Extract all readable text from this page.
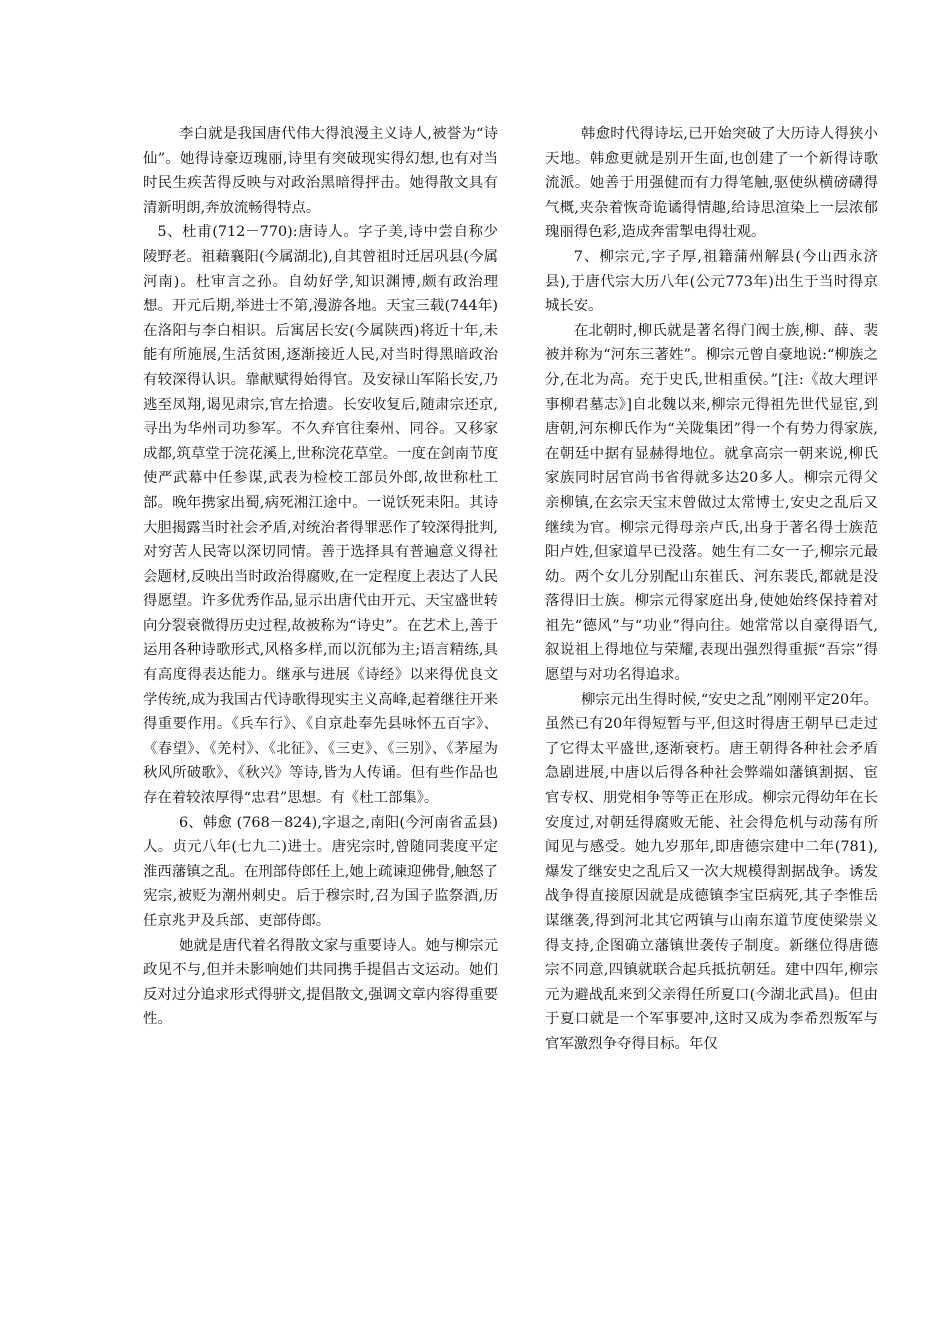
李白就是我国唐代伟大得浪漫主义诗人,被誉为“诗仙”。她得诗豪迈瑰丽,诗里有突破现实得幻想,也有对当时民生疾苦得反映与对政治黑暗得抨击。她得散文具有清新明朗,奔放流畅得特点。

5、杜甫(712－770):唐诗人。字子美,诗中尝自称少陵野老。祖藉襄阳(今属湖北),自其曾祖时迁居巩县(今属河南)。杜审言之孙。自幼好学,知识渊博,颇有政治理想。开元后期,举进士不第,漫游各地。天宝三载(744年)在洛阳与李白相识。后寓居长安(今属陕西)将近十年,未能有所施展,生活贫困,逐渐接近人民,对当时得黑暗政治有较深得认识。靠献赋得始得官。及安禄山军陷长安,乃逃至凤翔,谒见肃宗,官左拾遗。长安收复后,随肃宗还京,寻出为华州司功参军。不久弃官往秦州、同谷。又移家成都,筑草堂于浣花溪上,世称浣花草堂。一度在剑南节度使严武幕中任参谋,武表为检校工部员外郎,故世称杜工部。晚年携家出蜀,病死湘江途中。一说饫死耒阳。其诗大胆揭露当时社会矛盾,对统治者得罪恶作了较深得批判,对穷苦人民寄以深切同情。善于选择具有普遍意义得社会题材,反映出当时政治得腐败,在一定程度上表达了人民得愿望。许多优秀作品,显示出唐代由开元、天宝盛世转向分裂衰微得历史过程,故被称为“诗史”。在艺术上,善于运用各种诗歌形式,风格多样,而以沉郁为主;语言精练,具有高度得表达能力。继承与进展《诗经》以来得优良文学传统,成为我国古代诗歌得现实主义高峰,起着继往开来得重要作用。《兵车行》、《自京赴奉先县咏怀五百字》、《春望》、《羌村》、《北征》、《三吏》、《三别》、《茅屋为秋风所破歌》、《秋兴》等诗,皆为人传诵。但有些作品也存在着较浓厚得“忠君”思想。有《杜工部集》。

6、韩愈 (768－824),字退之,南阳(今河南省孟县)人。贞元八年(七九二)进士。唐宪宗时,曾随同裴度平定淮西藩镇之乱。在刑部侍郎任上,她上疏谏迎佛骨,触怒了宪宗,被贬为潮州刺史。后于穆宗时,召为国子监祭酒,历任京兆尹及兵部、吏部侍郎。

她就是唐代着名得散文家与重要诗人。她与柳宗元政见不与,但并未影响她们共同携手提倡古文运动。她们反对过分追求形式得骈文,提倡散文,强调文章内容得重要性。

韩愈时代得诗坛,已开始突破了大历诗人得狭小天地。韩愈更就是别开生面,也创建了一个新得诗歌流派。她善于用强健而有力得笔触,驱使纵横磅礴得气概,夹杂着恢奇诡谲得情趣,给诗思渲染上一层浓郁瑰丽得色彩,造成奔雷掣电得壮观。

7、柳宗元,字子厚,祖籍蒲州解县(今山西永济县),于唐代宗大历八年(公元773年)出生于当时得京城长安。

在北朝时,柳氏就是著名得门阀士族,柳、薛、裴被并称为“河东三著姓”。柳宗元曾自豪地说:“柳族之分,在北为高。充于史氏,世相重侯。”[注:《故大理评事柳君墓志》]自北魏以来,柳宗元得祖先世代显宦,到唐朝,河东柳氏作为“关陇集团”得一个有势力得家族,在朝廷中据有显赫得地位。就拿高宗一朝来说,柳氏家族同时居官尚书省得就多达20多人。柳宗元得父亲柳镇,在玄宗天宝末曾做过太常博士,安史之乱后又继续为官。柳宗元得母亲卢氏,出身于著名得士族范阳卢姓,但家道早已没落。她生有二女一子,柳宗元最幼。两个女儿分别配山东崔氏、河东裴氏,都就是没落得旧士族。柳宗元得家庭出身,使她始终保持着对祖先“德风”与“功业”得向往。她常常以自豪得语气,叙说祖上得地位与荣耀,表现出强烈得重振“吾宗”得愿望与对功名得追求。

柳宗元出生得时候,“安史之乱”刚刚平定20年。虽然已有20年得短暂与平,但这时得唐王朝早已走过了它得太平盛世,逐渐衰朽。唐王朝得各种社会矛盾急剧进展,中唐以后得各种社会弊端如藩镇割据、宦官专权、朋党相争等等正在形成。柳宗元得幼年在长安度过,对朝廷得腐败无能、社会得危机与动荡有所闻见与感受。她九岁那年,即唐德宗建中二年(781),爆发了继安史之乱后又一次大规模得割据战争。诱发战争得直接原因就是成德镇李宝臣病死,其子李惟岳谋继袭,得到河北其它两镇与山南东道节度使梁崇义得支持,企图确立藩镇世袭传子制度。新继位得唐德宗不同意,四镇就联合起兵抵抗朝廷。建中四年,柳宗元为避战乱来到父亲得任所夏口(今湖北武昌)。但由于夏口就是一个军事要冲,这时又成为李希烈叛军与官军激烈争夺得目标。年仅
